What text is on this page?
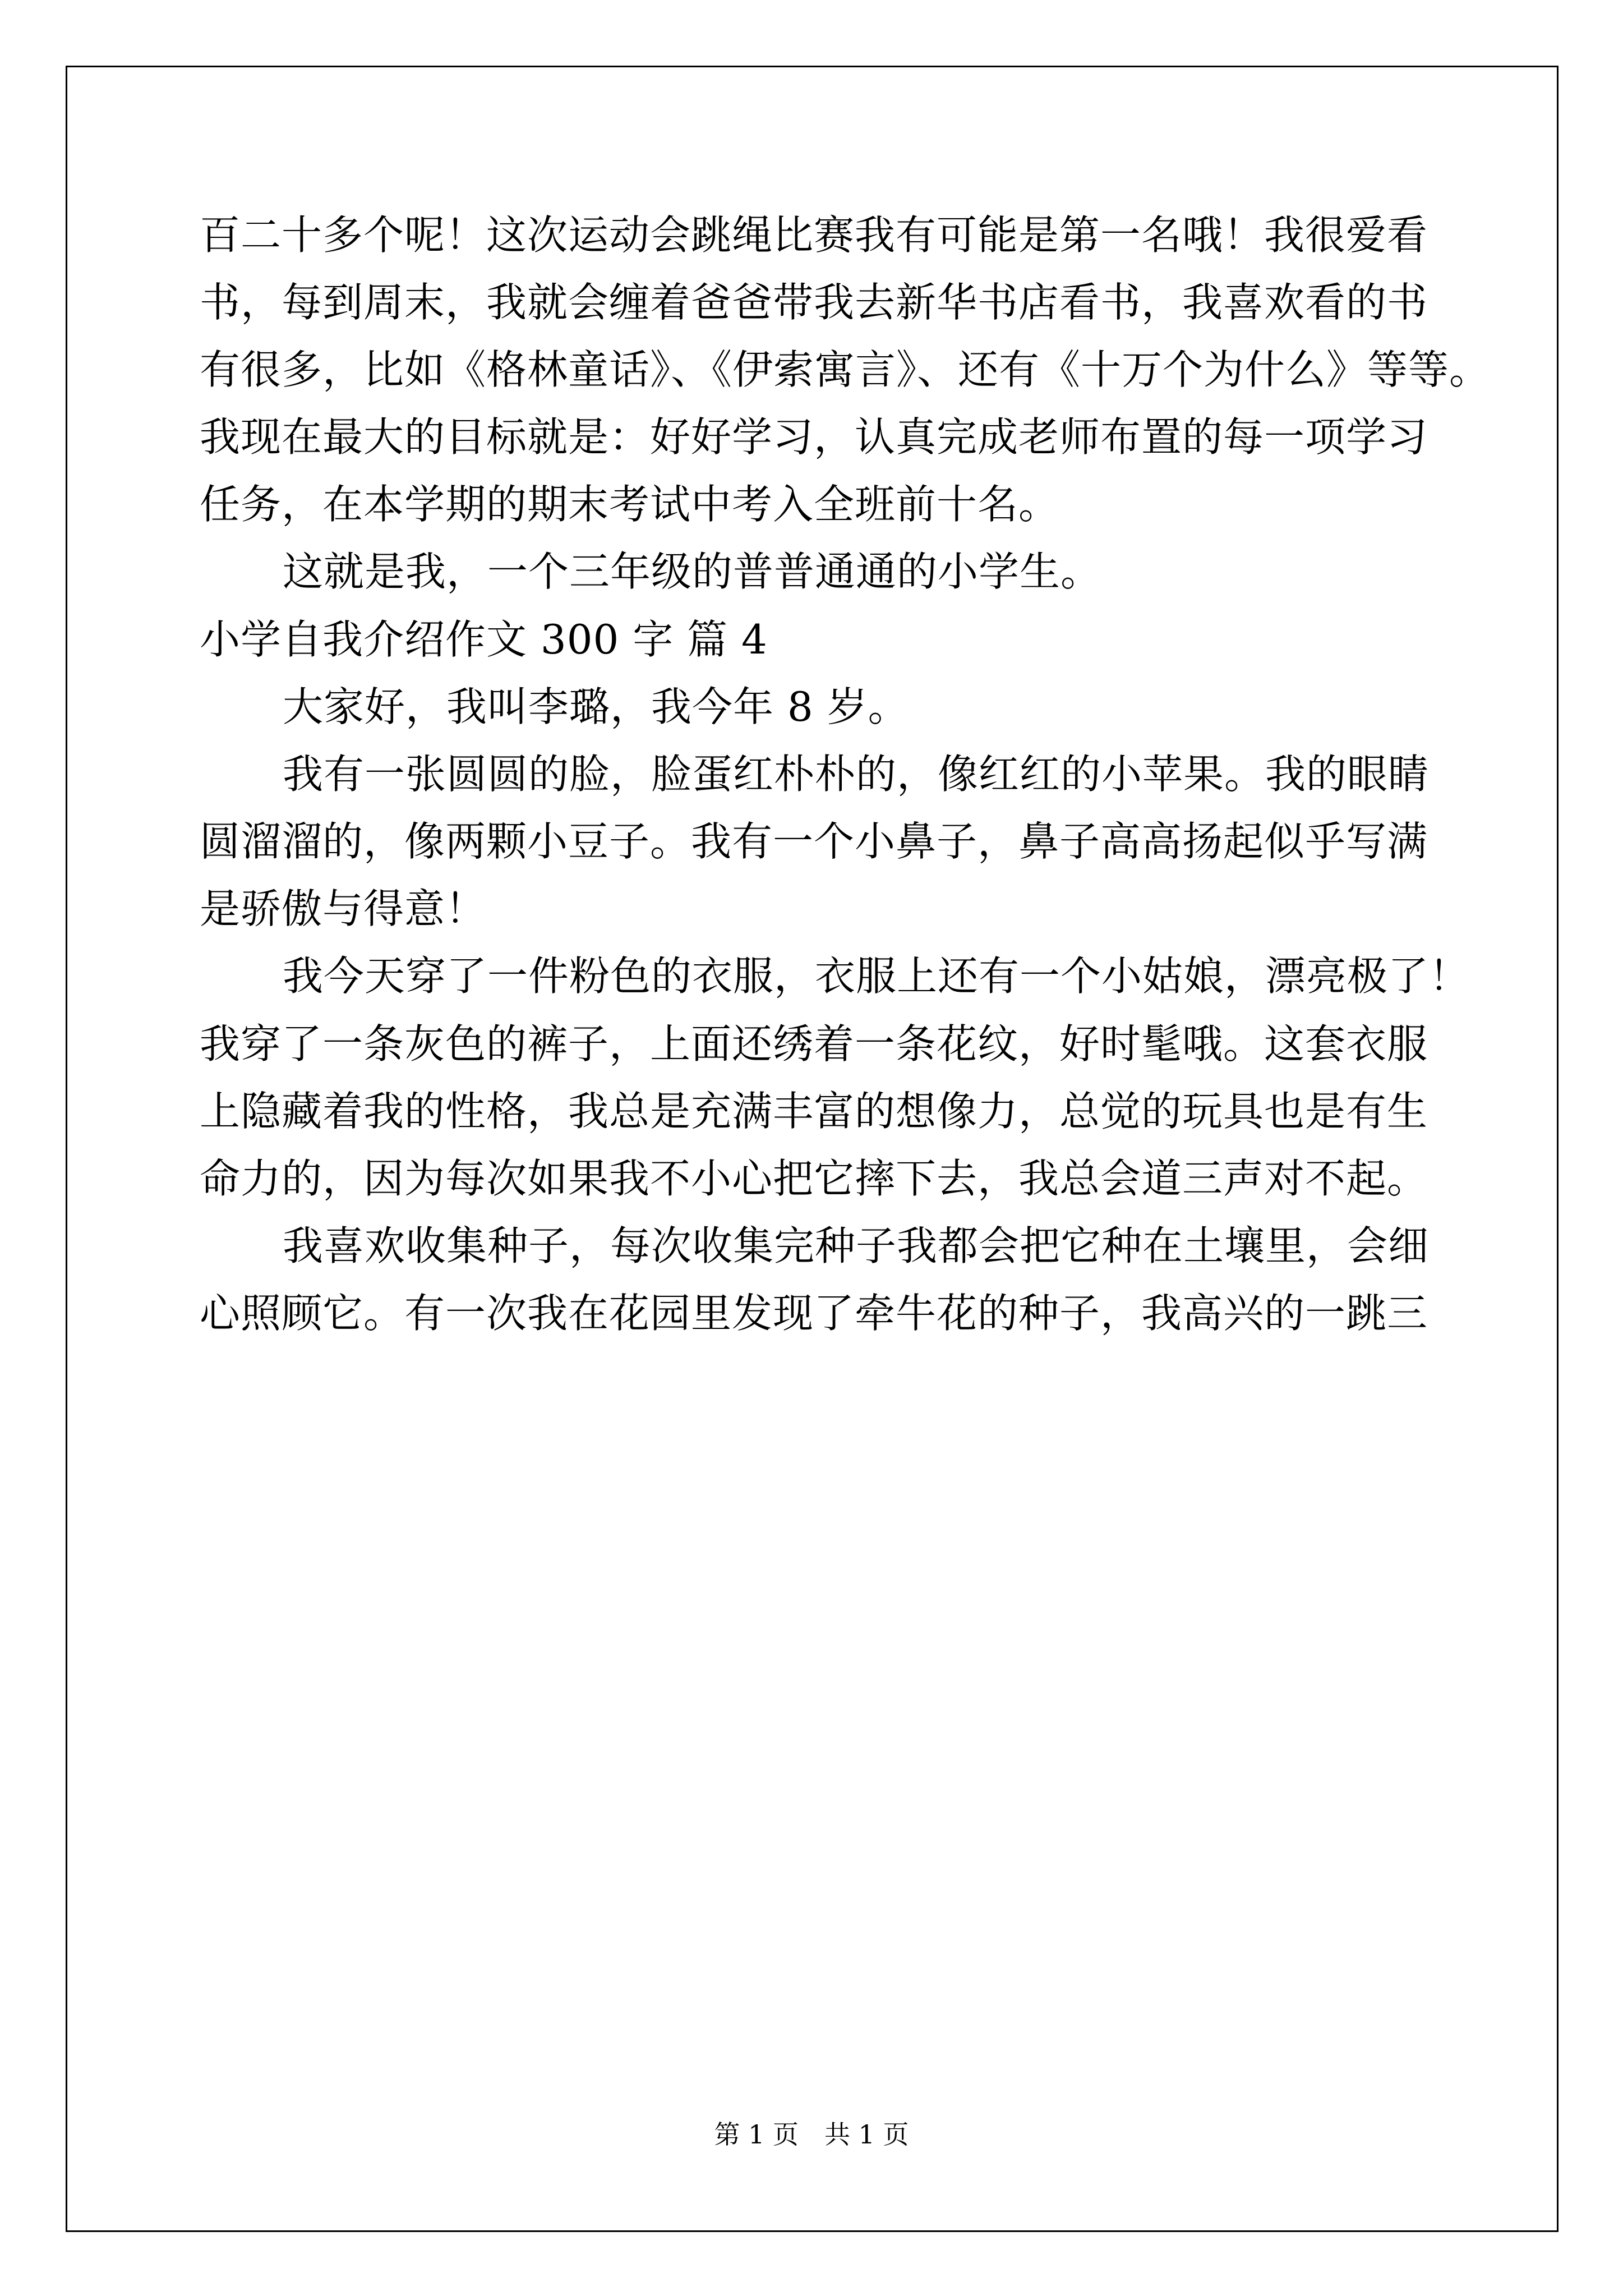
百二十多个呢！这次运动会跳绳比赛我有可能是第一名哦！我很爱看
书，每到周末，我就会缠着爸爸带我去新华书店看书，我喜欢看的书
有很多，比如《格林童话》、《伊索寓言》、还有《十万个为什么》等等。
我现在最大的目标就是：好好学习，认真完成老师布置的每一项学习
任务，在本学期的期末考试中考入全班前十名。
这就是我，一个三年级的普普通通的小学生。
小学自我介绍作文 300 字 篇 4
大家好，我叫李璐，我今年 8 岁。
我有一张圆圆的脸，脸蛋红朴朴的，像红红的小苹果。我的眼睛
圆溜溜的，像两颗小豆子。我有一个小鼻子，鼻子高高扬起似乎写满
是骄傲与得意！
我今天穿了一件粉色的衣服，衣服上还有一个小姑娘，漂亮极了！
我穿了一条灰色的裤子，上面还绣着一条花纹，好时髦哦。这套衣服
上隐藏着我的性格，我总是充满丰富的想像力，总觉的玩具也是有生
命力的，因为每次如果我不小心把它摔下去，我总会道三声对不起。
我喜欢收集种子，每次收集完种子我都会把它种在土壤里，会细
心照顾它。有一次我在花园里发现了牵牛花的种子，我高兴的一跳三
第 1 页　共 1 页
